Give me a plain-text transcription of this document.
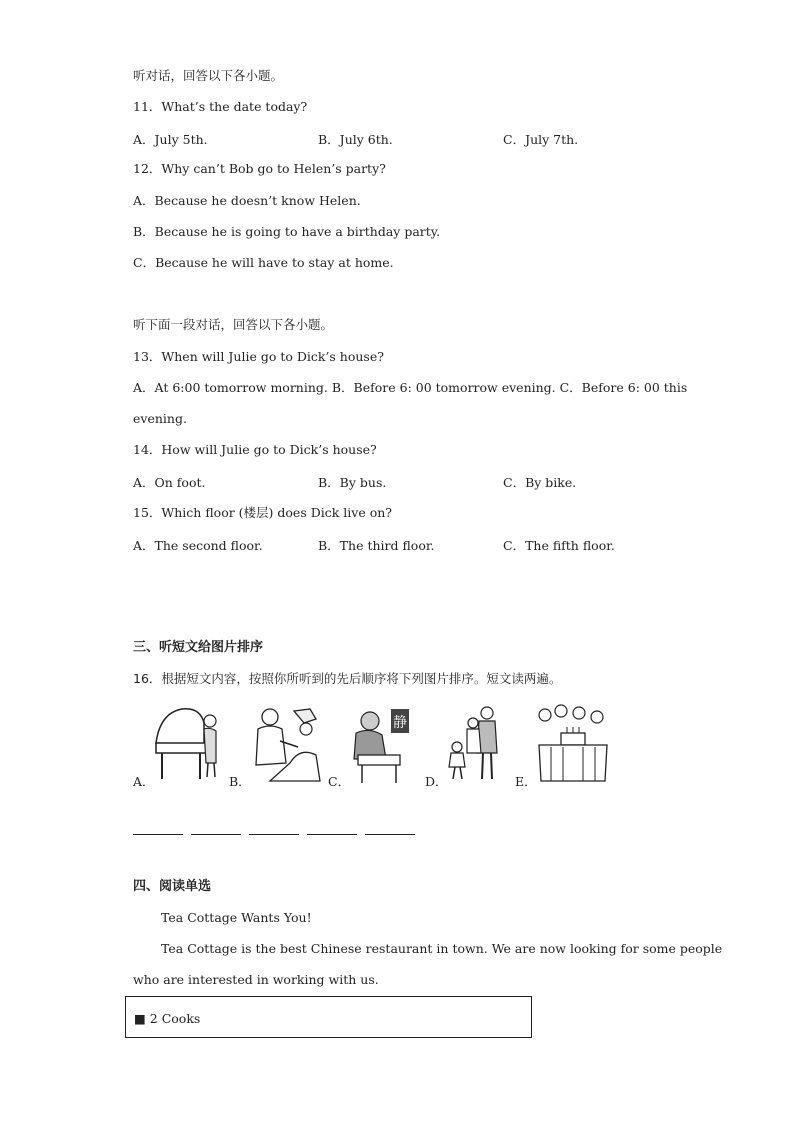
听对话，回答以下各小题。
11．What’s the date today?
A．July 5th.	B．July 6th.	C．July 7th.
12．Why can’t Bob go to Helen’s party?
A．Because he doesn’t know Helen.
B．Because he is going to have a birthday party.
C．Because he will have to stay at home.
听下面一段对话，回答以下各小题。
13．When will Julie go to Dick’s house?
A．At 6:00 tomorrow morning. B．Before 6: 00 tomorrow evening. C．Before 6: 00 this
evening.
14．How will Julie go to Dick’s house?
A．On foot.	B．By bus.	C．By bike.
15．Which floor (楼层) does Dick live on?
A．The second floor.	B．The third floor.	C．The fifth floor.
三、听短文给图片排序
16．根据短文内容，按照你所听到的先后顺序将下列图片排序。短文读两遍。
A．	B．	C．	D．	E．
静

四、阅读单选
Tea Cottage Wants You!
Tea Cottage is the best Chinese restaurant in town. We are now looking for some people
who are interested in working with us.
■ 2 Cooks
